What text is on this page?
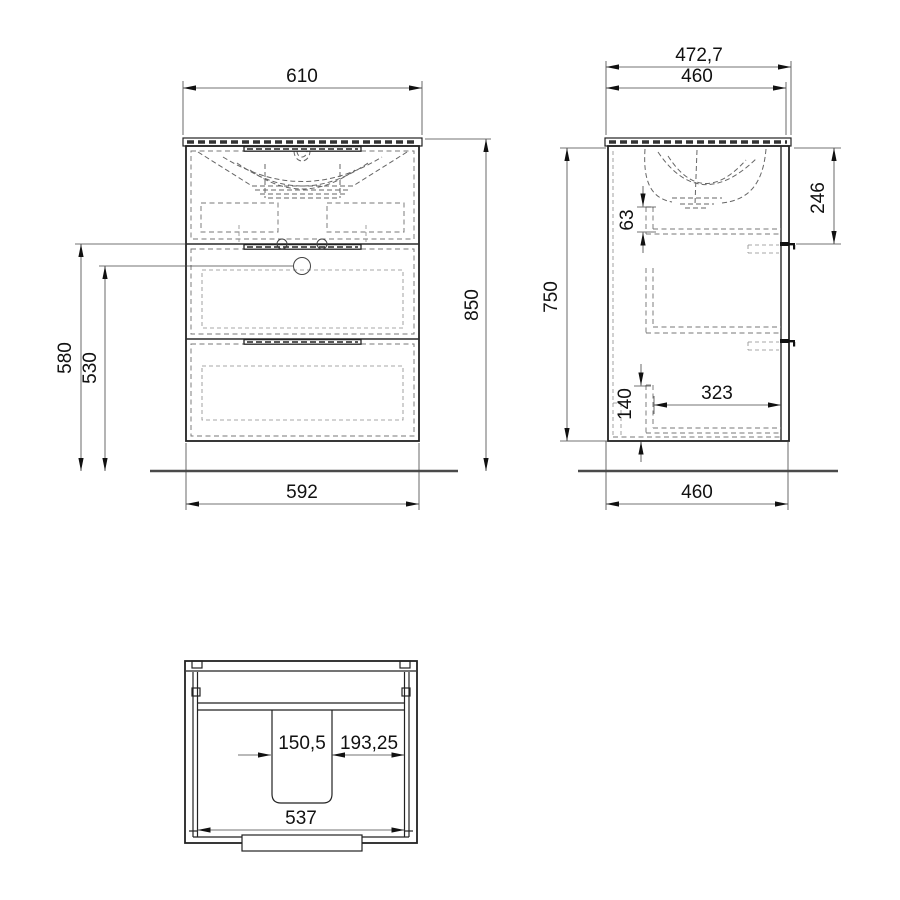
610
850
580 530
592
472,7
460
750
246
63
140	323
460
150,5 193,25
537
